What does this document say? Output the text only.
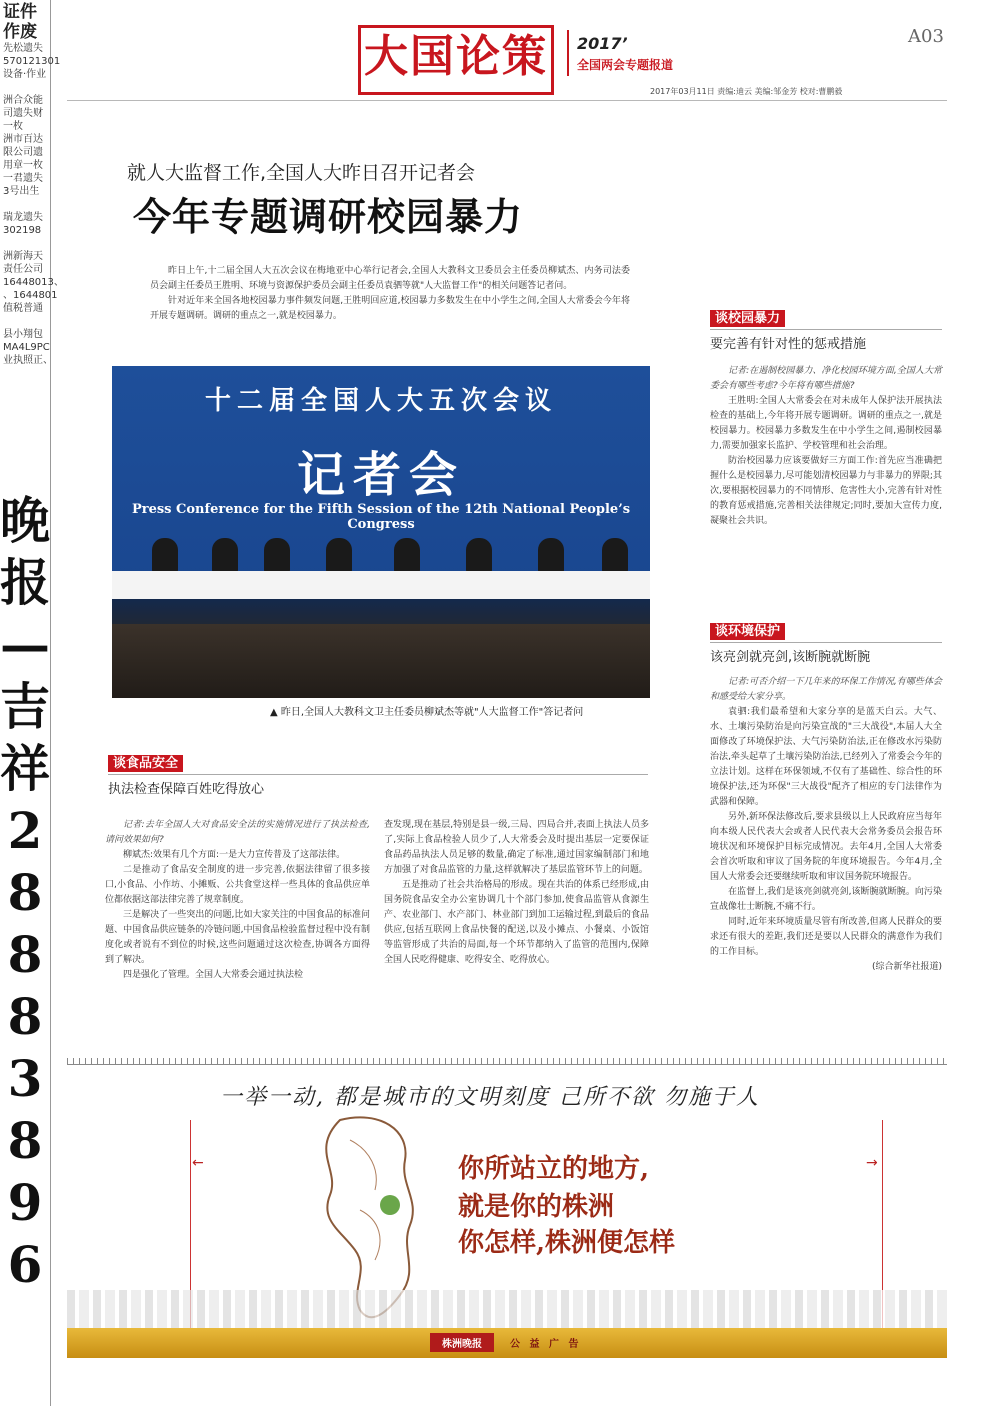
证件
作废
先松遗失
570121301
设备·作业

洲合众能
司遗失财
一枚
洲市百达
限公司遗
用章一枚
一君遗失
3号出生

瑞龙遗失
302198

洲新海天
责任公司
16448013、
、1644801
值税普通

县小翔包
MA4L9PC
业执照正、
晚
报
—
吉
祥
2
8
8
8
3
8
9
6
大国论策	2017’
全国两会专题报道
A03
2017年03月11日 责编:迪云 美编:邹金芳 校对:曹鹏毅
就人大监督工作,全国人大昨日召开记者会
今年专题调研校园暴力

昨日上午,十二届全国人大五次会议在梅地亚中心举行记者会,全国人大教科文卫委员会主任委员柳斌杰、内务司法委员会副主任委员王胜明、环境与资源保护委员会副主任委员袁驷等就"人大监督工作"的相关问题答记者问。

针对近年来全国各地校园暴力事件频发问题,王胜明回应道,校园暴力多数发生在中小学生之间,全国人大常委会今年将开展专题调研。调研的重点之一,就是校园暴力。

十二届全国人大五次会议
记者会
Press Conference for the Fifth Session of the 12th National People’s Congress
▲ 昨日,全国人大教科文卫主任委员柳斌杰等就"人大监督工作"答记者问
谈校园暴力
要完善有针对性的惩戒措施

记者:在遏制校园暴力、净化校园环境方面,全国人大常委会有哪些考虑?今年将有哪些措施?

王胜明:全国人大常委会在对未成年人保护法开展执法检查的基础上,今年将开展专题调研。调研的重点之一,就是校园暴力。校园暴力多数发生在中小学生之间,遏制校园暴力,需要加强家长监护、学校管理和社会治理。

防治校园暴力应该要做好三方面工作:首先应当准确把握什么是校园暴力,尽可能划清校园暴力与非暴力的界限;其次,要根据校园暴力的不同情形、危害性大小,完善有针对性的教育惩戒措施,完善相关法律规定;同时,要加大宣传力度,凝聚社会共识。

谈环境保护
该亮剑就亮剑,该断腕就断腕

记者:可否介绍一下几年来的环保工作情况,有哪些体会和感受给大家分享。

袁驷:我们最希望和大家分享的是蓝天白云。大气、水、土壤污染防治是向污染宣战的"三大战役",本届人大全面修改了环境保护法、大气污染防治法,正在修改水污染防治法,牵头起草了土壤污染防治法,已经列入了常委会今年的立法计划。这样在环保领域,不仅有了基础性、综合性的环境保护法,还为环保"三大战役"配齐了相应的专门法律作为武器和保障。

另外,新环保法修改后,要求县级以上人民政府应当每年向本级人民代表大会或者人民代表大会常务委员会报告环境状况和环境保护目标完成情况。去年4月,全国人大常委会首次听取和审议了国务院的年度环境报告。今年4月,全国人大常委会还要继续听取和审议国务院环境报告。

在监督上,我们是该亮剑就亮剑,该断腕就断腕。向污染宣战像壮士断腕,不痛不行。

同时,近年来环境质量尽管有所改善,但离人民群众的要求还有很大的差距,我们还是要以人民群众的满意作为我们的工作目标。

(综合新华社报道)
谈食品安全
执法检查保障百姓吃得放心

记者:去年全国人大对食品安全法的实施情况进行了执法检查,请问效果如何?

柳斌杰:效果有几个方面:一是大力宣传普及了这部法律。

二是推动了食品安全制度的进一步完善,依据法律留了很多接口,小食品、小作坊、小摊贩、公共食堂这样一些具体的食品供应单位都依据这部法律完善了规章制度。

三是解决了一些突出的问题,比如大家关注的中国食品的标准问题、中国食品供应链条的冷链问题,中国食品检验监督过程中没有制度化或者说有不到位的时候,这些问题通过这次检查,协调各方面得到了解决。

四是强化了管理。全国人大常委会通过执法检

查发现,现在基层,特别是县一级,三局、四局合并,表面上执法人员多了,实际上食品检验人员少了,人大常委会及时提出基层一定要保证食品药品执法人员足够的数量,确定了标准,通过国家编制部门和地方加强了对食品监管的力量,这样就解决了基层监管环节上的问题。

五是推动了社会共治格局的形成。现在共治的体系已经形成,由国务院食品安全办公室协调几十个部门参加,使食品监管从食源生产、农业部门、水产部门、林业部门到加工运输过程,到最后的食品供应,包括互联网上食品快餐的配送,以及小摊点、小餐桌、小饭馆等监管形成了共治的局面,每一个环节都纳入了监管的范围内,保障全国人民吃得健康、吃得安全、吃得放心。

一举一动, 都是城市的文明刻度 己所不欲 勿施于人
←	→
你所站立的地方,
就是你的株洲
你怎样,株洲便怎样
株洲晚报	公 益 广 告
